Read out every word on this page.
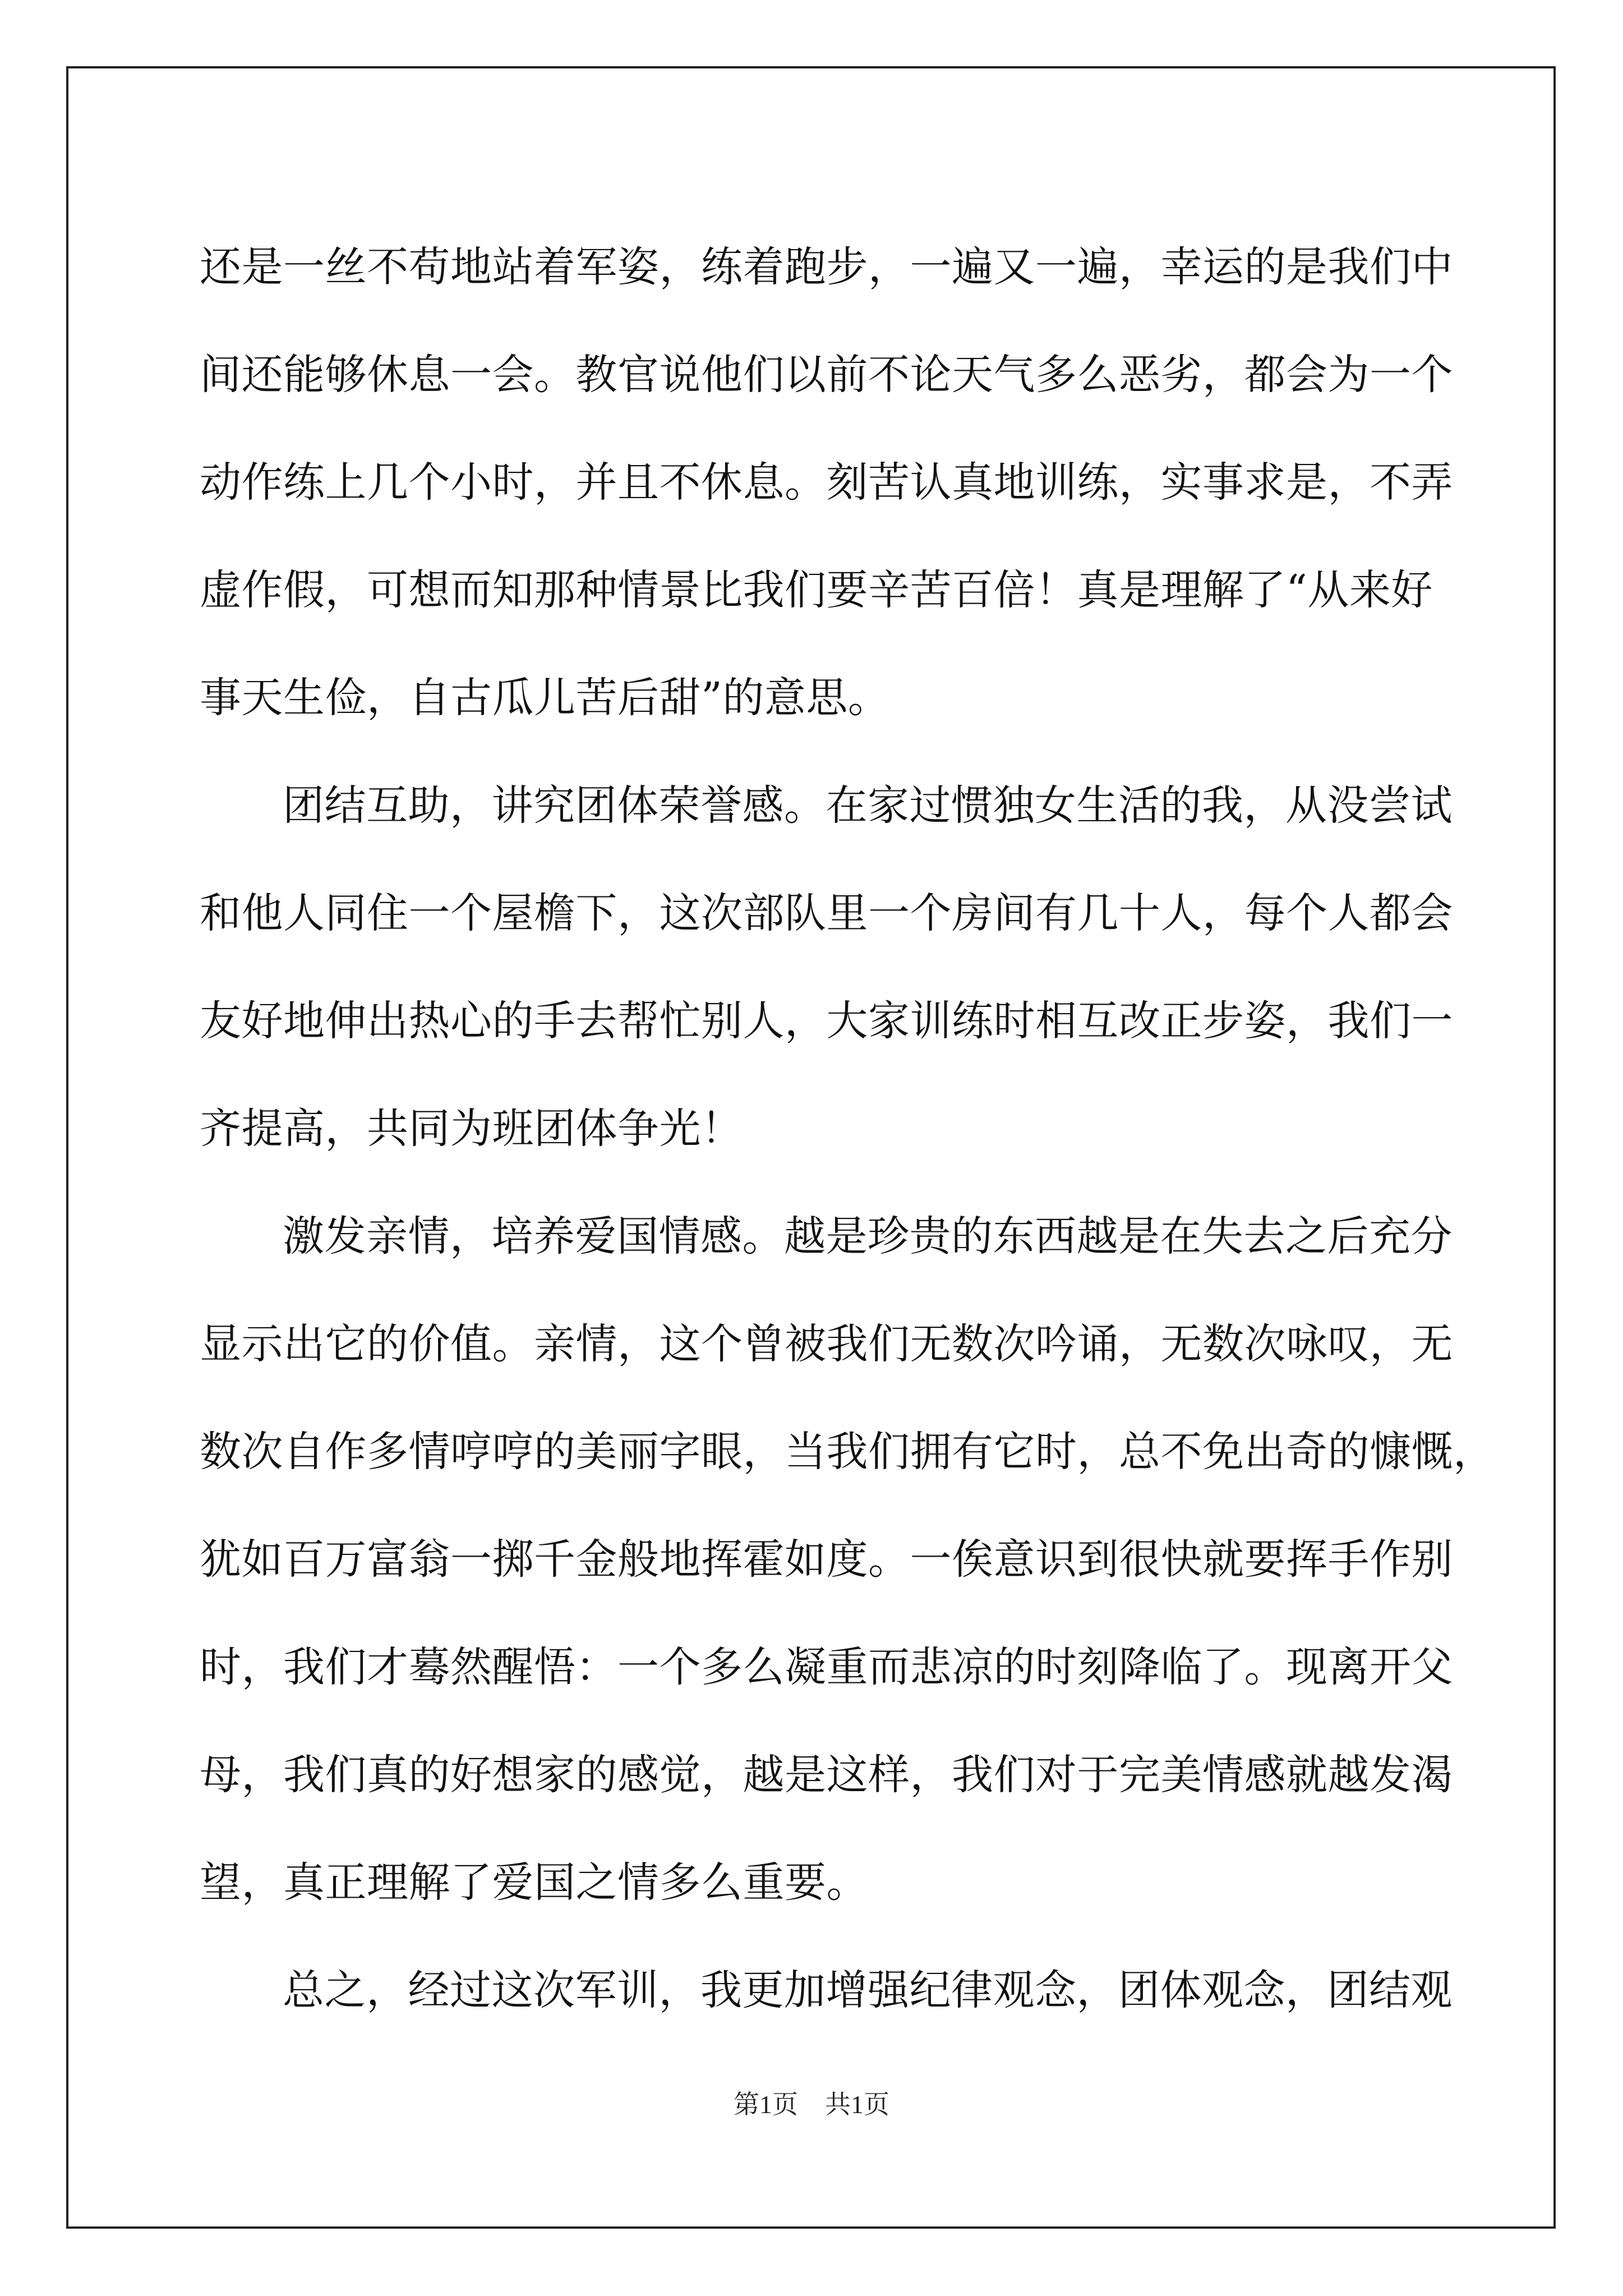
还是一丝不苟地站着军姿，练着跑步，一遍又一遍，幸运的是我们中
间还能够休息一会。教官说他们以前不论天气多么恶劣，都会为一个
动作练上几个小时，并且不休息。刻苦认真地训练，实事求是，不弄
虚作假，可想而知那种情景比我们要辛苦百倍！真是理解了“从来好
事天生俭，自古瓜儿苦后甜”的意思。
团结互助，讲究团体荣誉感。在家过惯独女生活的我，从没尝试
和他人同住一个屋檐下，这次部队里一个房间有几十人，每个人都会
友好地伸出热心的手去帮忙别人，大家训练时相互改正步姿，我们一
齐提高，共同为班团体争光！
激发亲情，培养爱国情感。越是珍贵的东西越是在失去之后充分
显示出它的价值。亲情，这个曾被我们无数次吟诵，无数次咏叹，无
数次自作多情哼哼的美丽字眼，当我们拥有它时，总不免出奇的慷慨，
犹如百万富翁一掷千金般地挥霍如度。一俟意识到很快就要挥手作别
时，我们才蓦然醒悟：一个多么凝重而悲凉的时刻降临了。现离开父
母，我们真的好想家的感觉，越是这样，我们对于完美情感就越发渴
望，真正理解了爱国之情多么重要。
总之，经过这次军训，我更加增强纪律观念，团体观念，团结观
第1页 共1页
